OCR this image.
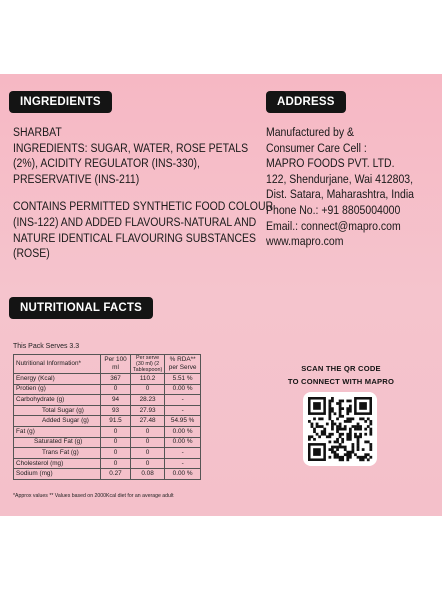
INGREDIENTS	ADDRESS
NUTRITIONAL FACTS
SHARBAT
INGREDIENTS: SUGAR, WATER, ROSE PETALS
(2%), ACIDITY REGULATOR (INS-330),
PRESERVATIVE (INS-211)
CONTAINS PERMITTED SYNTHETIC FOOD COLOUR
(INS-122) AND ADDED FLAVOURS-NATURAL AND
NATURE IDENTICAL FLAVOURING SUBSTANCES
(ROSE)
Manufactured by &
Consumer Care Cell :
MAPRO FOODS PVT. LTD.
122, Shendurjane, Wai 412803,
Dist. Satara, Maharashtra, India
Phone No.: +91 8805004000
Email.: connect@mapro.com
www.mapro.com
This Pack Serves 3.3
Nutritional Information*	Per 100 ml	Per serve (30 ml) (2 Tablespoon)	% RDA** per Serve
Energy (Kcal)	367	110.2	5.51 %
Protien (g)	0	0	0.00 %
Carbohydrate (g)	94	28.23	-
Total Sugar (g)	93	27.93	-
Added Sugar (g)	91.5	27.48	54.95 %
Fat (g)	0	0	0.00 %
Saturated Fat (g)	0	0	0.00 %
Trans Fat (g)	0	0	-
Cholesterol (mg)	0	0	-
Sodium (mg)	0.27	0.08	0.00 %
*Approx values ** Values based on 2000Kcal diet for an average adult
SCAN THE QR CODE
TO CONNECT WITH MAPRO
